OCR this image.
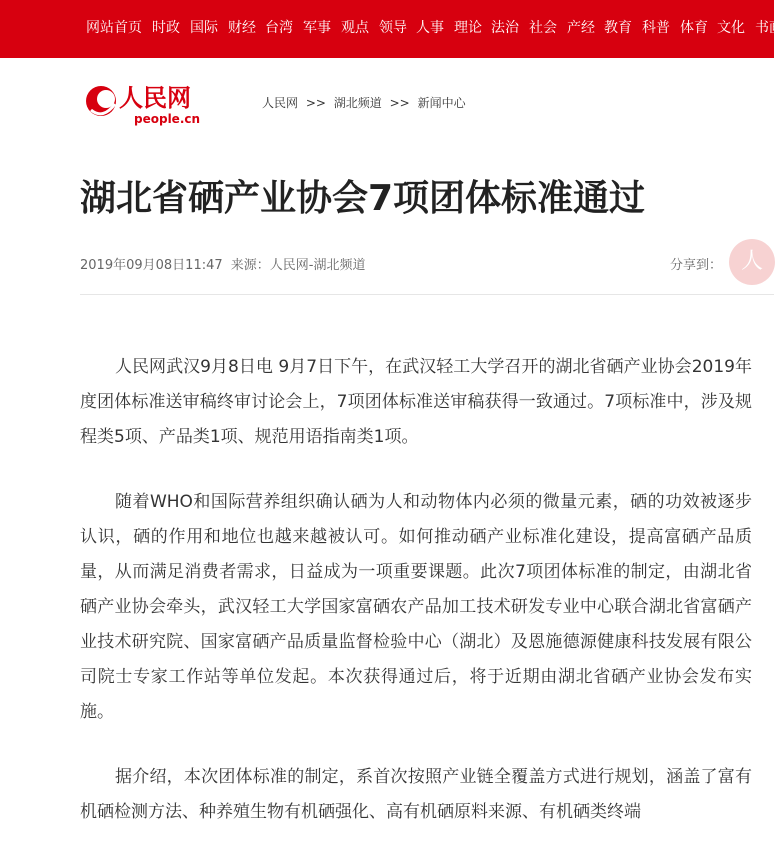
网站首页 时政 国际 财经 台湾 军事 观点 领导 人事 理论 法治 社会 产经 教育 科普 体育 文化 书画
人民网
people.cn
人民网 >> 湖北频道 >> 新闻中心
湖北省硒产业协会7项团体标准通过
2019年09月08日11:47 来源：人民网-湖北频道	分享到： 人

人民网武汉9月8日电 9月7日下午，在武汉轻工大学召开的湖北省硒产业协会2019年度团体标准送审稿终审讨论会上，7项团体标准送审稿获得一致通过。7项标准中，涉及规程类5项、产品类1项、规范用语指南类1项。

随着WHO和国际营养组织确认硒为人和动物体内必须的微量元素，硒的功效被逐步认识，硒的作用和地位也越来越被认可。如何推动硒产业标准化建设，提高富硒产品质量，从而满足消费者需求，日益成为一项重要课题。此次7项团体标准的制定，由湖北省硒产业协会牵头，武汉轻工大学国家富硒农产品加工技术研发专业中心联合湖北省富硒产业技术研究院、国家富硒产品质量监督检验中心（湖北）及恩施德源健康科技发展有限公司院士专家工作站等单位发起。本次获得通过后，将于近期由湖北省硒产业协会发布实施。

据介绍，本次团体标准的制定，系首次按照产业链全覆盖方式进行规划，涵盖了富有机硒检测方法、种养殖生物有机硒强化、高有机硒原料来源、有机硒类终端
